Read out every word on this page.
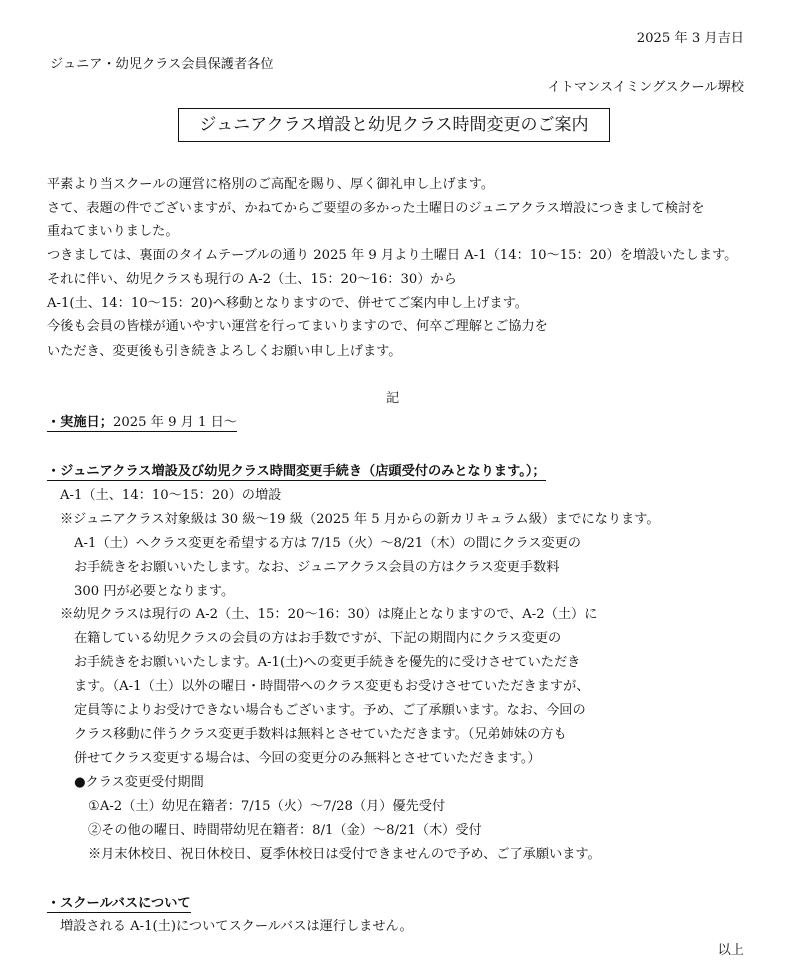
2025 年 3 月吉日
ジュニア・幼児クラス会員保護者各位
イトマンスイミングスクール堺校
ジュニアクラス増設と幼児クラス時間変更のご案内
平素より当スクールの運営に格別のご高配を賜り、厚く御礼申し上げます。
さて、表題の件でございますが、かねてからご要望の多かった土曜日のジュニアクラス増設につきまして検討を
重ねてまいりました。
つきましては、裏面のタイムテーブルの通り 2025 年 9 月より土曜日 A-1（14：10～15：20）を増設いたします。
それに伴い、幼児クラスも現行の A-2（土、15：20～16：30）から
A-1(土、14：10～15：20)へ移動となりますので、併せてご案内申し上げます。
今後も会員の皆様が通いやすい運営を行ってまいりますので、何卒ご理解とご協力を
いただき、変更後も引き続きよろしくお願い申し上げます。
記
・実施日；2025 年 9 月 1 日～
・ジュニアクラス増設及び幼児クラス時間変更手続き（店頭受付のみとなります。）；
A-1（土、14：10～15：20）の増設
※ジュニアクラス対象級は 30 級～19 級（2025 年 5 月からの新カリキュラム級）までになります。
A-1（土）へクラス変更を希望する方は 7/15（火）～8/21（木）の間にクラス変更の
お手続きをお願いいたします。なお、ジュニアクラス会員の方はクラス変更手数料
300 円が必要となります。
※幼児クラスは現行の A-2（土、15：20～16：30）は廃止となりますので、A-2（土）に
在籍している幼児クラスの会員の方はお手数ですが、下記の期間内にクラス変更の
お手続きをお願いいたします。A-1(土)への変更手続きを優先的に受けさせていただき
ます。（A-1（土）以外の曜日・時間帯へのクラス変更もお受けさせていただきますが、
定員等によりお受けできない場合もございます。予め、ご了承願います。なお、今回の
クラス移動に伴うクラス変更手数料は無料とさせていただきます。（兄弟姉妹の方も
併せてクラス変更する場合は、今回の変更分のみ無料とさせていただきます。）
●クラス変更受付期間
①A-2（土）幼児在籍者：7/15（火）～7/28（月）優先受付
②その他の曜日、時間帯幼児在籍者：8/1（金）～8/21（木）受付
※月末休校日、祝日休校日、夏季休校日は受付できませんので予め、ご了承願います。
・スクールバスについて
増設される A-1(土)についてスクールバスは運行しません。
以上
